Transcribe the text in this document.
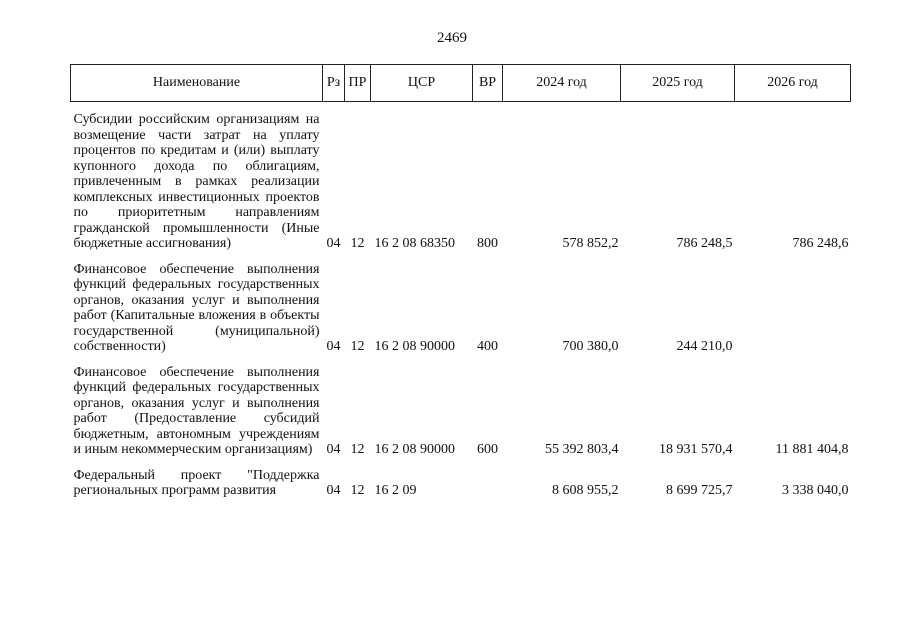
2469
Наименование	Рз	ПР	ЦСР	ВР	2024 год	2025 год	2026 год

Субсидии российским организациям на возмещение части затрат на уплату процентов по кредитам и (или) выплату купонного дохода по облигациям, привлеченным в рамках реализации комплексных инвестиционных проектов по приоритетным направлениям гражданской промышленности (Иные бюджетные ассигнования)	04	12	16 2 08 68350	800	578 852,2	786 248,5	786 248,6

Финансовое обеспечение выполнения функций федеральных государственных органов, оказания услуг и выполнения работ (Капитальные вложения в объекты государственной (муниципальной) собственности)	04	12	16 2 08 90000	400	700 380,0	244 210,0	

Финансовое обеспечение выполнения функций федеральных государственных органов, оказания услуг и выполнения работ (Предоставление субсидий бюджетным, автономным учреждениям и иным некоммерческим организациям)	04	12	16 2 08 90000	600	55 392 803,4	18 931 570,4	11 881 404,8

Федеральный проект "Поддержка региональных программ развития	04	12	16 2 09		8 608 955,2	8 699 725,7	3 338 040,0
